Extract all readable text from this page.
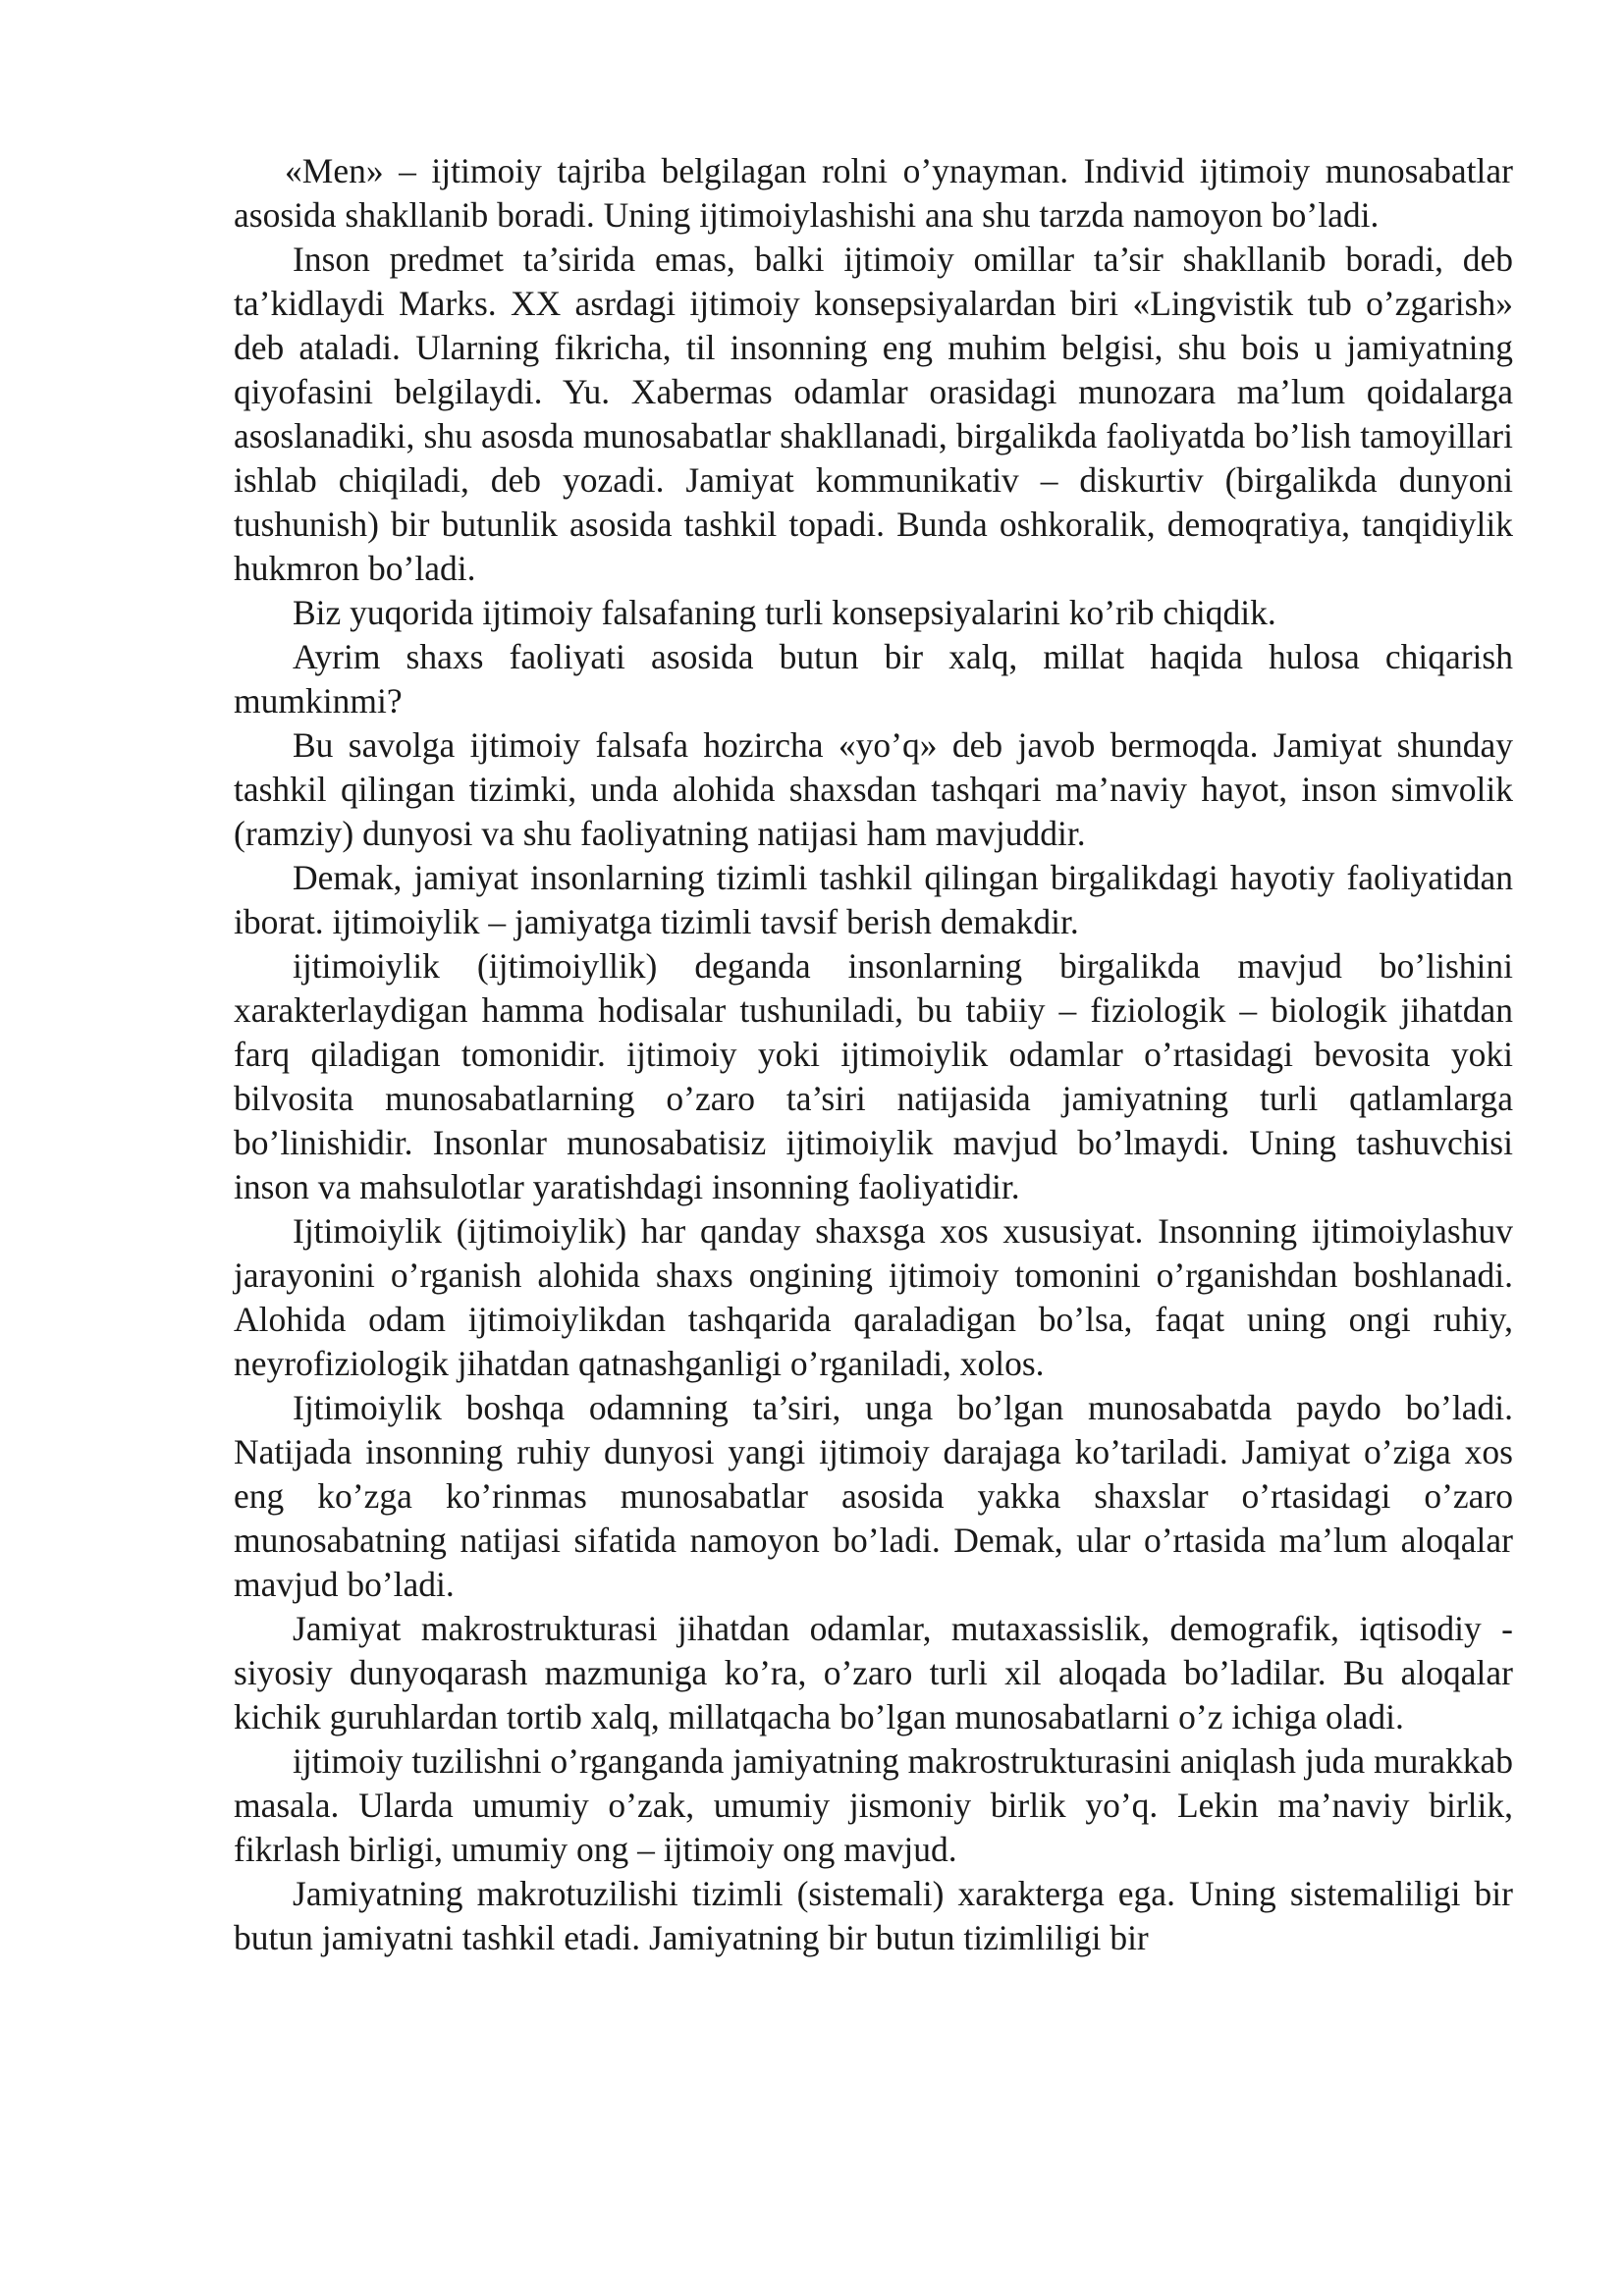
«Men» – ijtimoiy tajriba belgilagan rolni o’ynayman. Individ ijtimoiy munosabatlar asosida shakllanib boradi. Uning ijtimoiylashishi ana shu tarzda namoyon bo’ladi.

Inson predmet ta’sirida emas, balki ijtimoiy omillar ta’sir shakllanib boradi, deb ta’kidlaydi Marks. XX asrdagi ijtimoiy konsepsiyalardan biri «Lingvistik tub o’zgarish» deb ataladi. Ularning fikricha, til insonning eng muhim belgisi, shu bois u jamiyatning qiyofasini belgilaydi. Yu. Xabermas odamlar orasidagi munozara ma’lum qoidalarga asoslanadiki, shu asosda munosabatlar shakllanadi, birgalikda faoliyatda bo’lish tamoyillari ishlab chiqiladi, deb yozadi. Jamiyat kommunikativ – diskurtiv (birgalikda dunyoni tushunish) bir butunlik asosida tashkil topadi. Bunda oshkoralik, demoqratiya, tanqidiylik hukmron bo’ladi.

Biz yuqorida ijtimoiy falsafaning turli konsepsiyalarini ko’rib chiqdik.

Ayrim shaxs faoliyati asosida butun bir xalq, millat haqida hulosa chiqarish mumkinmi?

Bu savolga ijtimoiy falsafa hozircha «yo’q» deb javob bermoqda. Jamiyat shunday tashkil qilingan tizimki, unda alohida shaxsdan tashqari ma’naviy hayot, inson simvolik (ramziy) dunyosi va shu faoliyatning natijasi ham mavjuddir.

Demak, jamiyat insonlarning tizimli tashkil qilingan birgalikdagi hayotiy faoliyatidan iborat. ijtimoiylik – jamiyatga tizimli tavsif berish demakdir.

ijtimoiylik (ijtimoiyllik) deganda insonlarning birgalikda mavjud bo’lishini xarakterlaydigan hamma hodisalar tushuniladi, bu tabiiy – fiziologik – biologik jihatdan farq qiladigan tomonidir. ijtimoiy yoki ijtimoiylik odamlar o’rtasidagi bevosita yoki bilvosita munosabatlarning o’zaro ta’siri natijasida jamiyatning turli qatlamlarga bo’linishidir. Insonlar munosabatisiz ijtimoiylik mavjud bo’lmaydi. Uning tashuvchisi inson va mahsulotlar yaratishdagi insonning faoliyatidir.

Ijtimoiylik (ijtimoiylik) har qanday shaxsga xos xususiyat. Insonning ijtimoiylashuv jarayonini o’rganish alohida shaxs ongining ijtimoiy tomonini o’rganishdan boshlanadi. Alohida odam ijtimoiylikdan tashqarida qaraladigan bo’lsa, faqat uning ongi ruhiy, neyrofiziologik jihatdan qatnashganligi o’rganiladi, xolos.

Ijtimoiylik boshqa odamning ta’siri, unga bo’lgan munosabatda paydo bo’ladi. Natijada insonning ruhiy dunyosi yangi ijtimoiy darajaga ko’tariladi. Jamiyat o’ziga xos eng ko’zga ko’rinmas munosabatlar asosida yakka shaxslar o’rtasidagi o’zaro munosabatning natijasi sifatida namoyon bo’ladi. Demak, ular o’rtasida ma’lum aloqalar mavjud bo’ladi.

Jamiyat makrostrukturasi jihatdan odamlar, mutaxassislik, demografik, iqtisodiy - siyosiy dunyoqarash mazmuniga ko’ra, o’zaro turli xil aloqada bo’ladilar. Bu aloqalar kichik guruhlardan tortib xalq, millatqacha bo’lgan munosabatlarni o’z ichiga oladi.

ijtimoiy tuzilishni o’rganganda jamiyatning makrostrukturasini aniqlash juda murakkab masala. Ularda umumiy o’zak, umumiy jismoniy birlik yo’q. Lekin ma’naviy birlik, fikrlash birligi, umumiy ong – ijtimoiy ong mavjud.

Jamiyatning makrotuzilishi tizimli (sistemali) xarakterga ega. Uning sistemaliligi bir butun jamiyatni tashkil etadi. Jamiyatning bir butun tizimliligi bir
